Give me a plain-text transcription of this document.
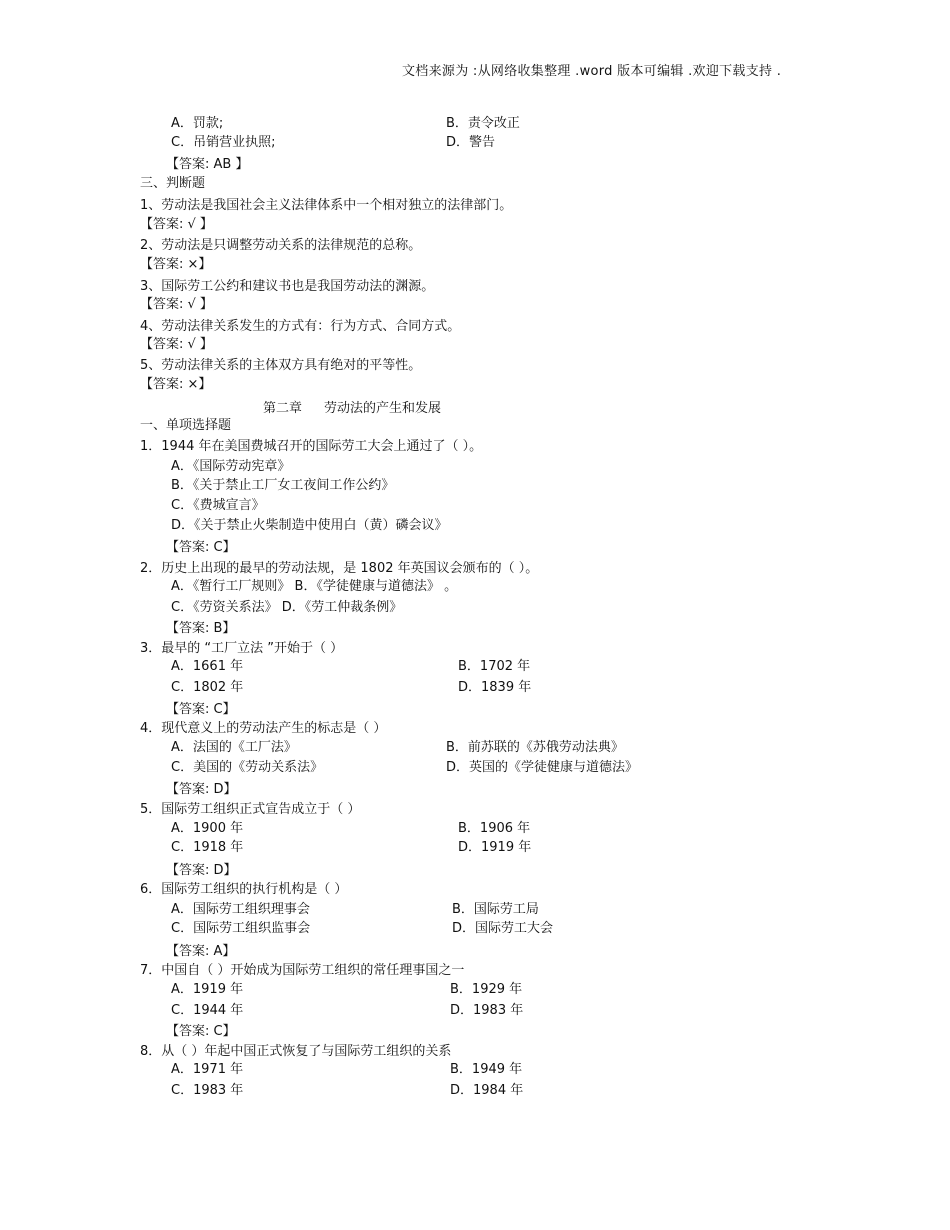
文档来源为 :从网络收集整理 .word 版本可编辑 .欢迎下载支持 .
A．罚款;	B．责令改正
C．吊销营业执照;	D．警告
【答案: AB 】
三、判断题
1、劳动法是我国社会主义法律体系中一个相对独立的法律部门。
【答案: √ 】
2、劳动法是只调整劳动关系的法律规范的总称。
【答案: ×】
3、国际劳工公约和建议书也是我国劳动法的渊源。
【答案: √ 】
4、劳动法律关系发生的方式有：行为方式、合同方式。
【答案: √ 】
5、劳动法律关系的主体双方具有绝对的平等性。
【答案: ×】
第二章 劳动法的产生和发展
一、单项选择题
1．1944 年在美国费城召开的国际劳工大会上通过了（ ）。
A．《国际劳动宪章》
B．《关于禁止工厂女工夜间工作公约》
C．《费城宣言》
D．《关于禁止火柴制造中使用白（黄）磷会议》
【答案: C】
2．历史上出现的最早的劳动法规，是 1802 年英国议会颁布的（ ）。
A．《暂行工厂规则》 B．《学徒健康与道德法》 。
C．《劳资关系法》 D．《劳工仲裁条例》
【答案: B】
3．最早的 “工厂立法 ”开始于（ ）
A．1661 年	B．1702 年
C．1802 年	D．1839 年
【答案: C】
4．现代意义上的劳动法产生的标志是（ ）
A．法国的《工厂法》	B．前苏联的《苏俄劳动法典》
C．美国的《劳动关系法》	D．英国的《学徒健康与道德法》
【答案: D】
5．国际劳工组织正式宣告成立于（ ）
A．1900 年	B．1906 年
C．1918 年	D．1919 年
【答案: D】
6．国际劳工组织的执行机构是（ ）
A．国际劳工组织理事会	B．国际劳工局
C．国际劳工组织监事会	D．国际劳工大会
【答案: A】
7．中国自（ ）开始成为国际劳工组织的常任理事国之一
A．1919 年	B．1929 年
C．1944 年	D．1983 年
【答案: C】
8．从（ ）年起中国正式恢复了与国际劳工组织的关系
A．1971 年	B．1949 年
C．1983 年	D．1984 年
